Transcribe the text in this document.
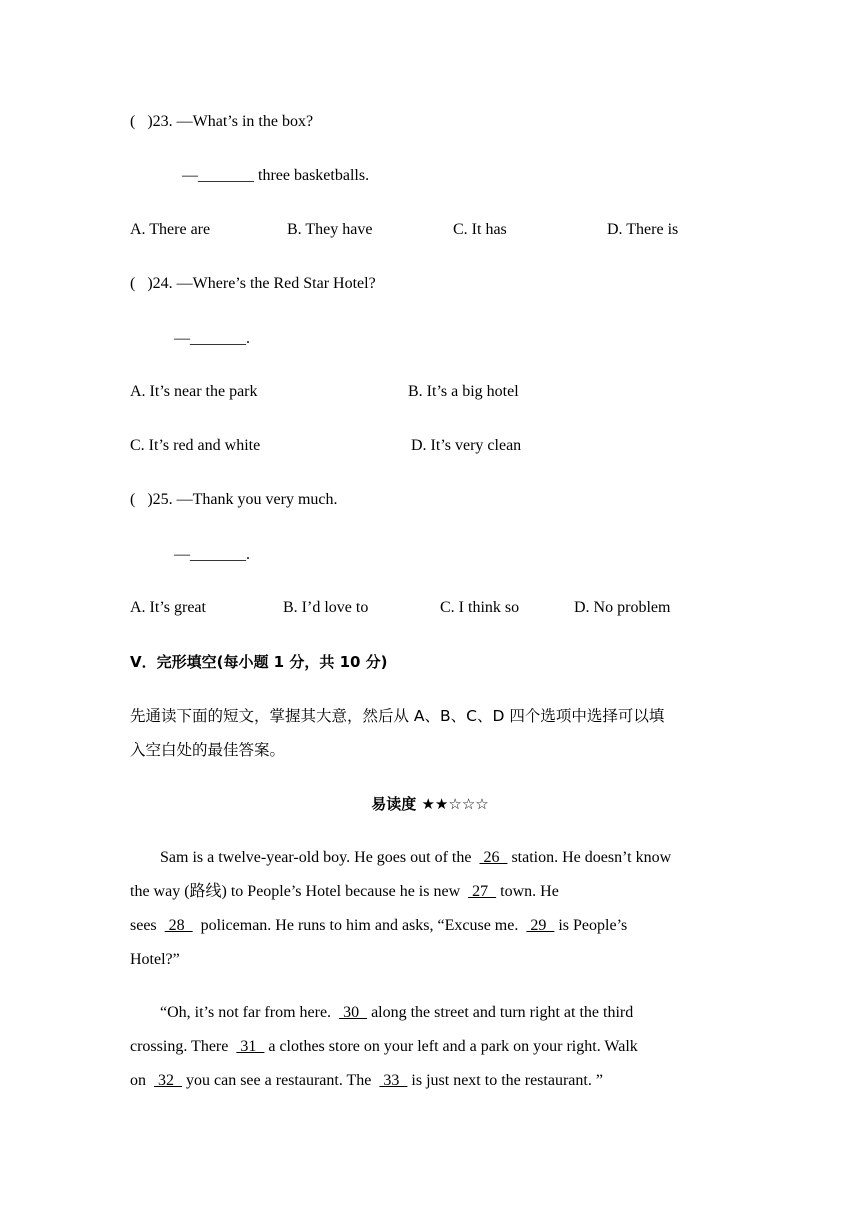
(   )23. —What’s in the box?
—_______ three basketballs.
A. There are	B. They have	C. It has	D. There is
(   )24. —Where’s the Red Star Hotel?
—_______.
A. It’s near the park	B. It’s a big hotel
C. It’s red and white	D. It’s very clean
(   )25. —Thank you very much.
—_______.
A. It’s great	B. I’d love to	C. I think so	D. No problem
V．完形填空(每小题 1 分，共 10 分)
先通读下面的短文，掌握其大意，然后从 A、B、C、D 四个选项中选择可以填
入空白处的最佳答案。
易读度 ★★☆☆☆
Sam is a twelve-year-old boy. He goes out of the   26   station. He doesn’t know
the way (路线) to People’s Hotel because he is new   27   town. He
sees   28    policeman. He runs to him and asks, “Excuse me.   29   is People’s
Hotel?”
“Oh, it’s not far from here.   30   along the street and turn right at the third
crossing. There   31   a clothes store on your left and a park on your right. Walk
on   32   you can see a restaurant. The   33   is just next to the restaurant. ”
